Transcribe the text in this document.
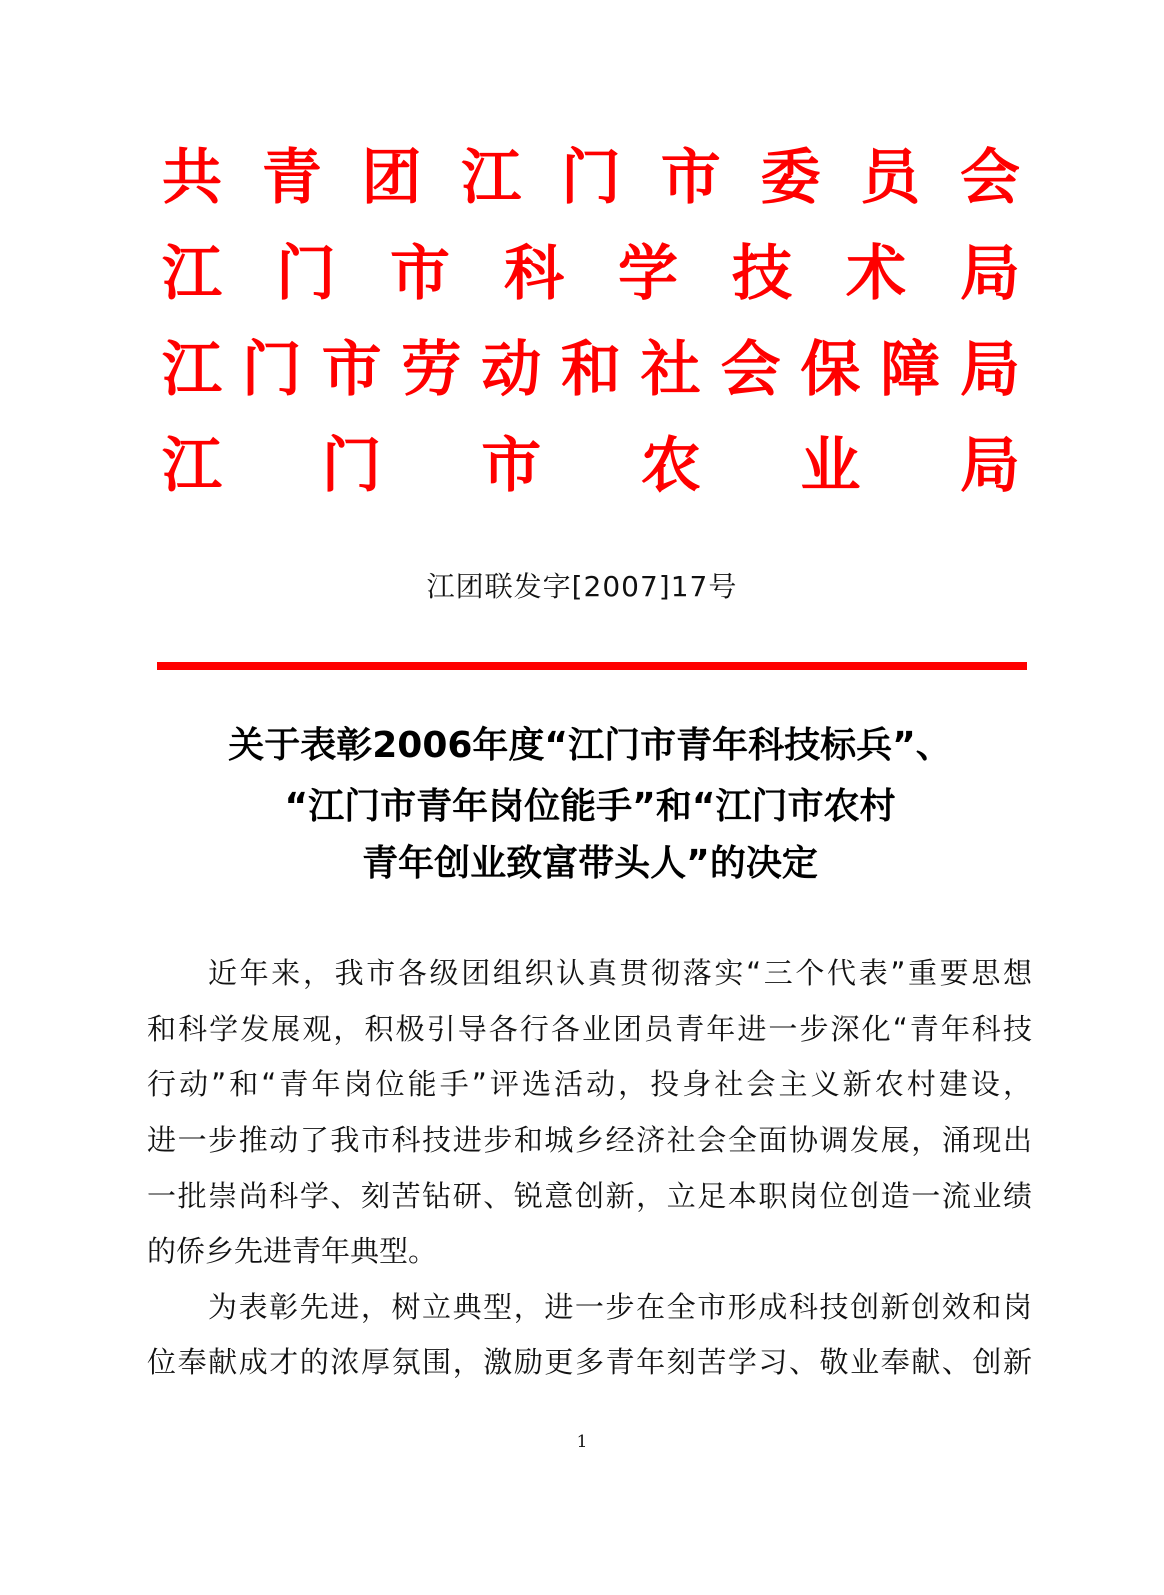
共 青 团 江 门 市 委 员 会
江 门 市 科 学 技 术 局
江 门 市 劳 动 和 社 会 保 障 局
江 门 市 农 业 局
江团联发字[2007]17号
关于表彰2006年度“江门市青年科技标兵”、
“江门市青年岗位能手”和“江门市农村
青年创业致富带头人”的决定
近年来，我市各级团组织认真贯彻落实“三个代表”重要思想
和科学发展观，积极引导各行各业团员青年进一步深化“青年科技
行动”和“青年岗位能手”评选活动，投身社会主义新农村建设，
进一步推动了我市科技进步和城乡经济社会全面协调发展，涌现出
一批崇尚科学、刻苦钻研、锐意创新，立足本职岗位创造一流业绩
的侨乡先进青年典型。
为表彰先进，树立典型，进一步在全市形成科技创新创效和岗
位奉献成才的浓厚氛围，激励更多青年刻苦学习、敬业奉献、创新
1
